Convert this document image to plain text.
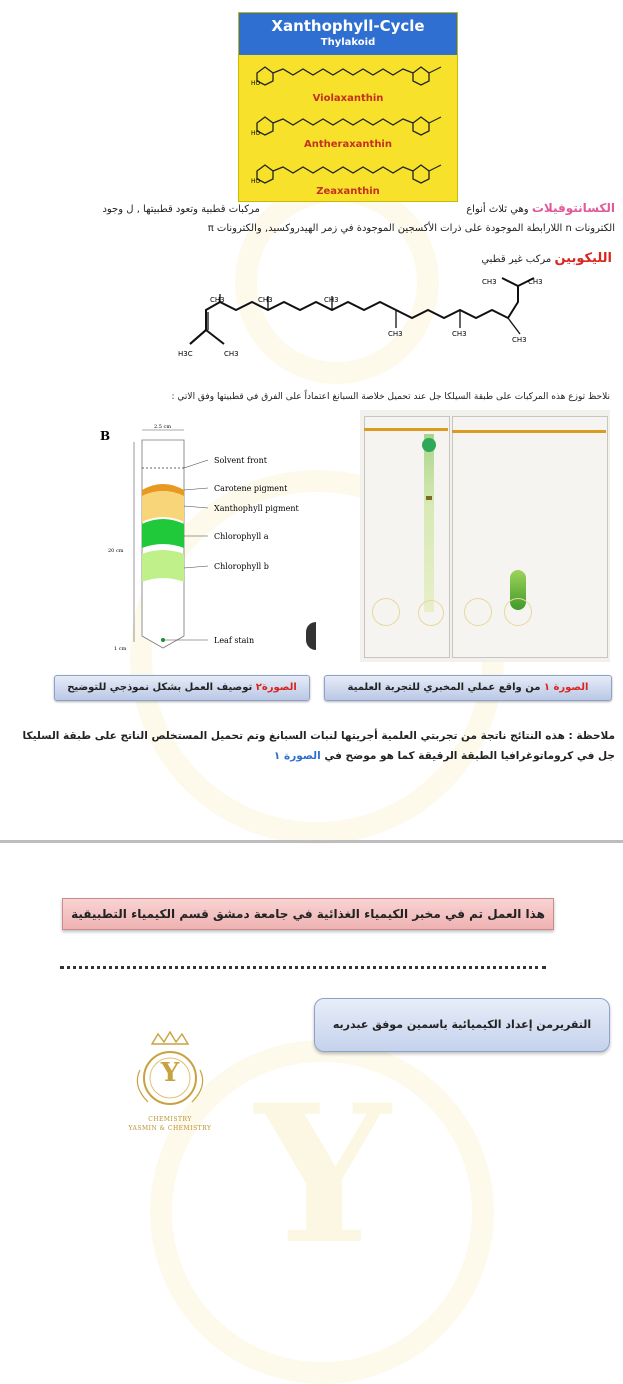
Y
Xanthophyll-Cycle
Thylakoid
HO
Violaxanthin
HO
Antheraxanthin
HO
Zeaxanthin
الكسانتوفيلات وهي ثلاث أنواع  مركبات قطبية وتعود قطبيتها , ل وجود
الكترونات n اللارابطة الموجودة على ذرات الأكسجين الموجودة في زمر الهيدروكسيد, والكترونات π
الليكوبين مركب غير قطبي
CH3	CH3	CH3
CH3	CH3
H3C	CH3
CH3	CH3
CH3
نلاحظ توزع هذه المركبات على طبقة السيلكا جل عند تحميل خلاصة السبانغ اعتماداً على الفرق في قطبيتها وفق الاتي :
B
2.5 cm
20 cm
1 cm
Solvent front
Carotene pigment
Xanthophyll pigment
Chlorophyll a
Chlorophyll b
Leaf stain
الصورة٢ توصيف العمل بشكل نموذجي للتوضيح	الصورة ١ من واقع عملي المخبري للتجربة العلمية
ملاحظة : هذه النتائج ناتجة من تجربتي العلمية أجريتها لنبات السبانغ وتم تحميل المستخلص الناتج على طبقة السليكا
جل في كروماتوغرافيا الطبقة الرقيقة كما هو موضح في الصورة ١
هذا العمل تم في مخبر الكيمياء الغذائية في جامعة دمشق قسم الكيمياء التطبيقية
التقريرمن إعداد الكيميائية ياسمين موفق عبدربه
Y
CHEMISTRY
YASMIN & CHEMISTRY
